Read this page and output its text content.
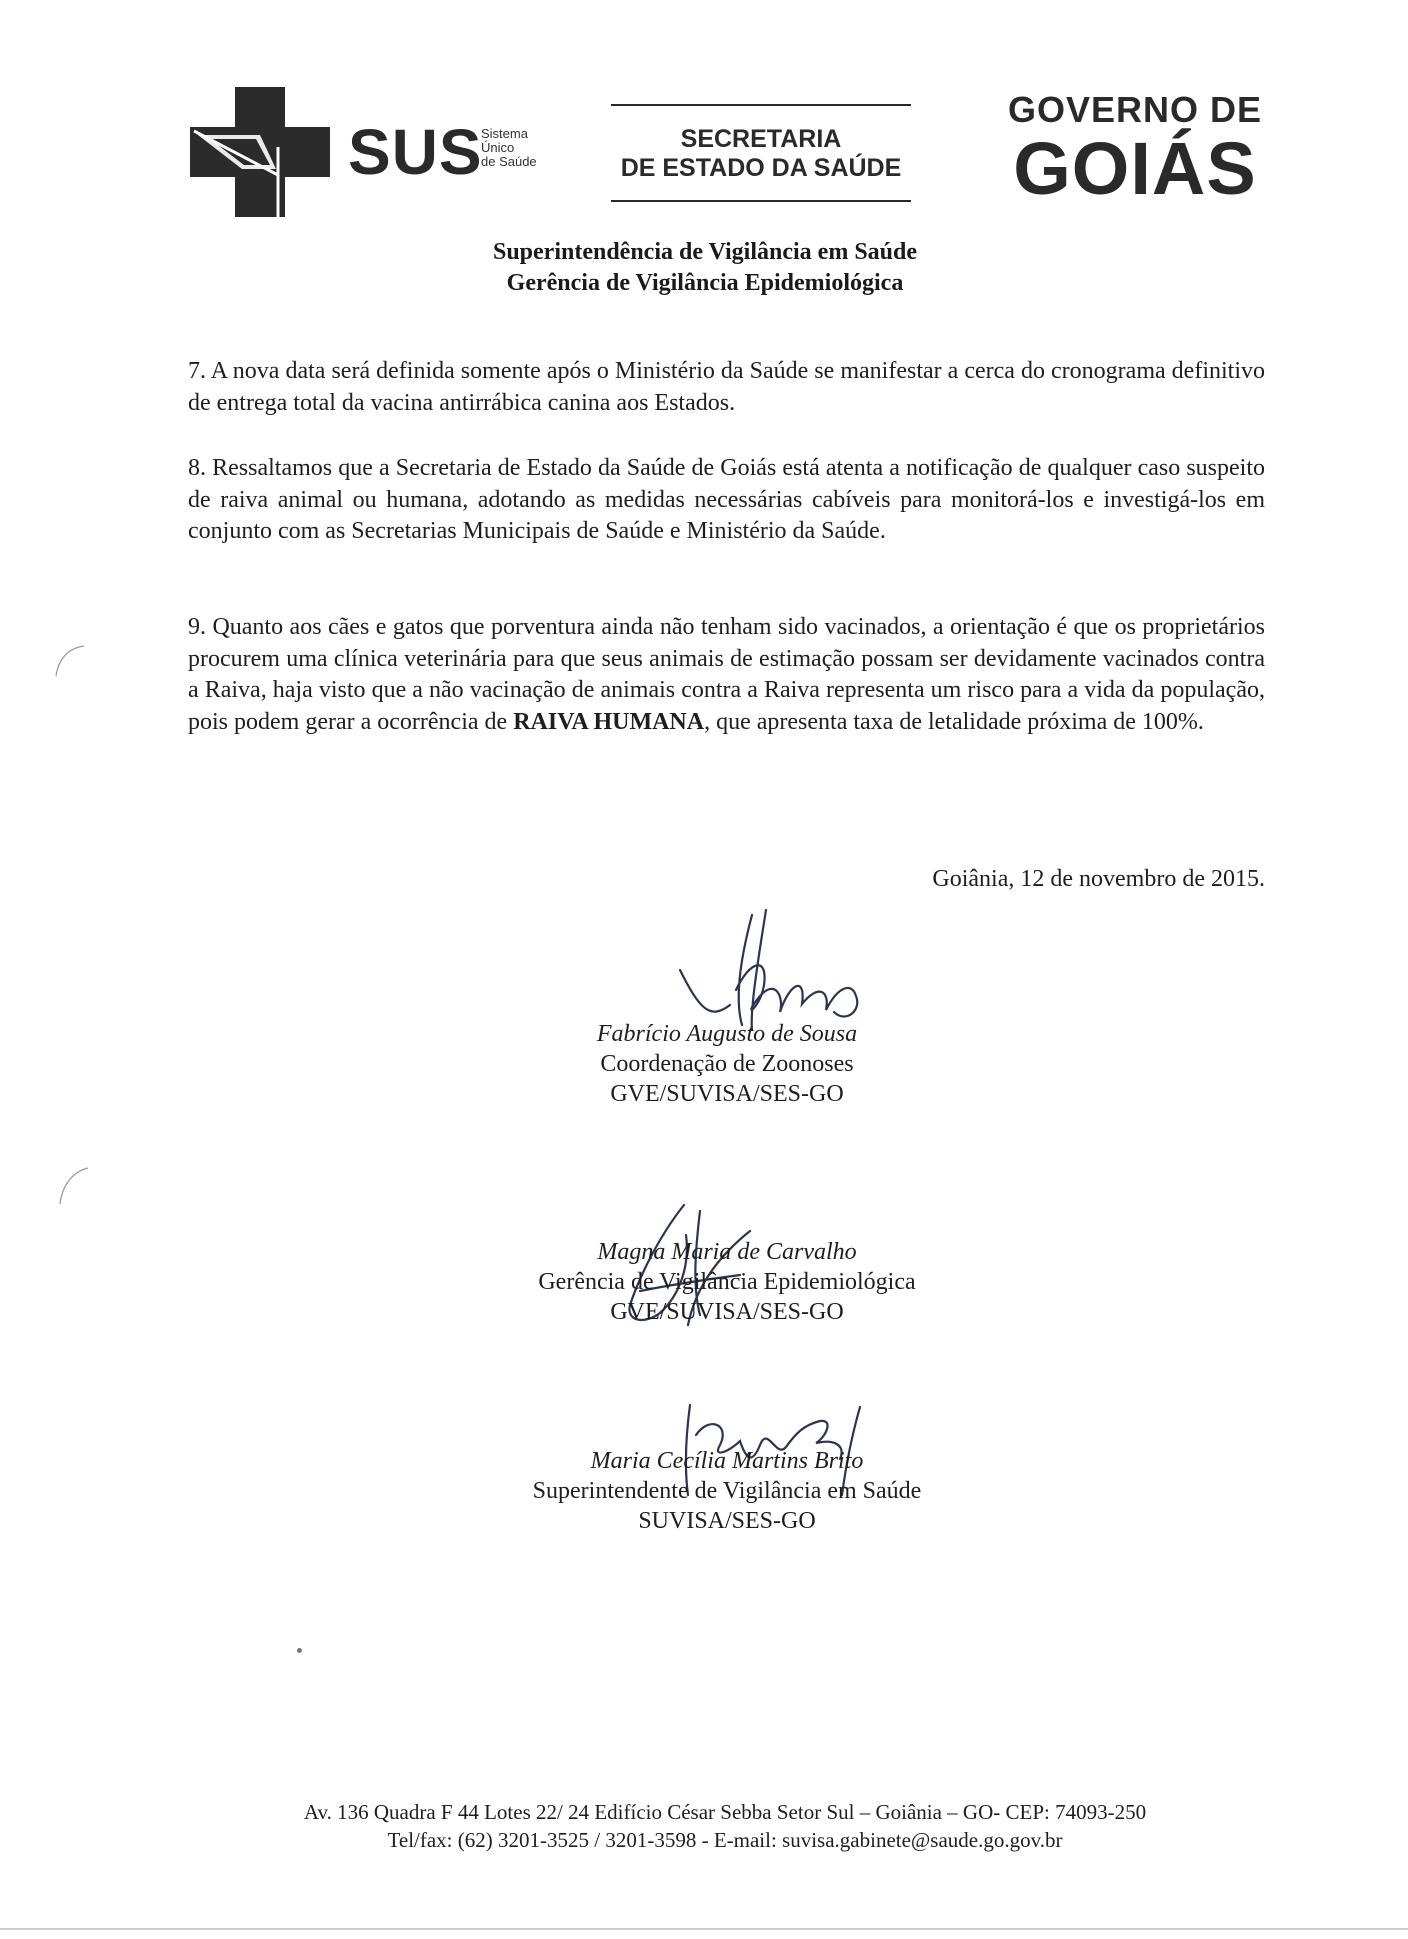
SUS
Sistema
Único
de Saúde
SECRETARIA
DE ESTADO DA SAÚDE
GOVERNO DE
GOIÁS
Superintendência de Vigilância em Saúde
Gerência de Vigilância Epidemiológica
7. A nova data será definida somente após o Ministério da Saúde se manifestar a cerca do cronograma definitivo de entrega total da vacina antirrábica canina aos Estados.
8. Ressaltamos que a Secretaria de Estado da Saúde de Goiás está atenta a notificação de qualquer caso suspeito de raiva animal ou humana, adotando as medidas necessárias cabíveis para monitorá-los e investigá-los em conjunto com as Secretarias Municipais de Saúde e Ministério da Saúde.
9. Quanto aos cães e gatos que porventura ainda não tenham sido vacinados, a orientação é que os proprietários procurem uma clínica veterinária para que seus animais de estimação possam ser devidamente vacinados contra a Raiva, haja visto que a não vacinação de animais contra a Raiva representa um risco para a vida da população, pois podem gerar a ocorrência de RAIVA HUMANA, que apresenta taxa de letalidade próxima de 100%.
Goiânia, 12 de novembro de 2015.
Fabrício Augusto de Sousa
Coordenação de Zoonoses
GVE/SUVISA/SES-GO
Magna Maria de Carvalho
Gerência de Vigilância Epidemiológica
GVE/SUVISA/SES-GO
Maria Cecília Martins Brito
Superintendente de Vigilância em Saúde
SUVISA/SES-GO
Av. 136 Quadra F 44 Lotes 22/ 24 Edifício César Sebba Setor Sul – Goiânia – GO- CEP: 74093-250
Tel/fax: (62) 3201-3525 / 3201-3598 - E-mail: suvisa.gabinete@saude.go.gov.br
